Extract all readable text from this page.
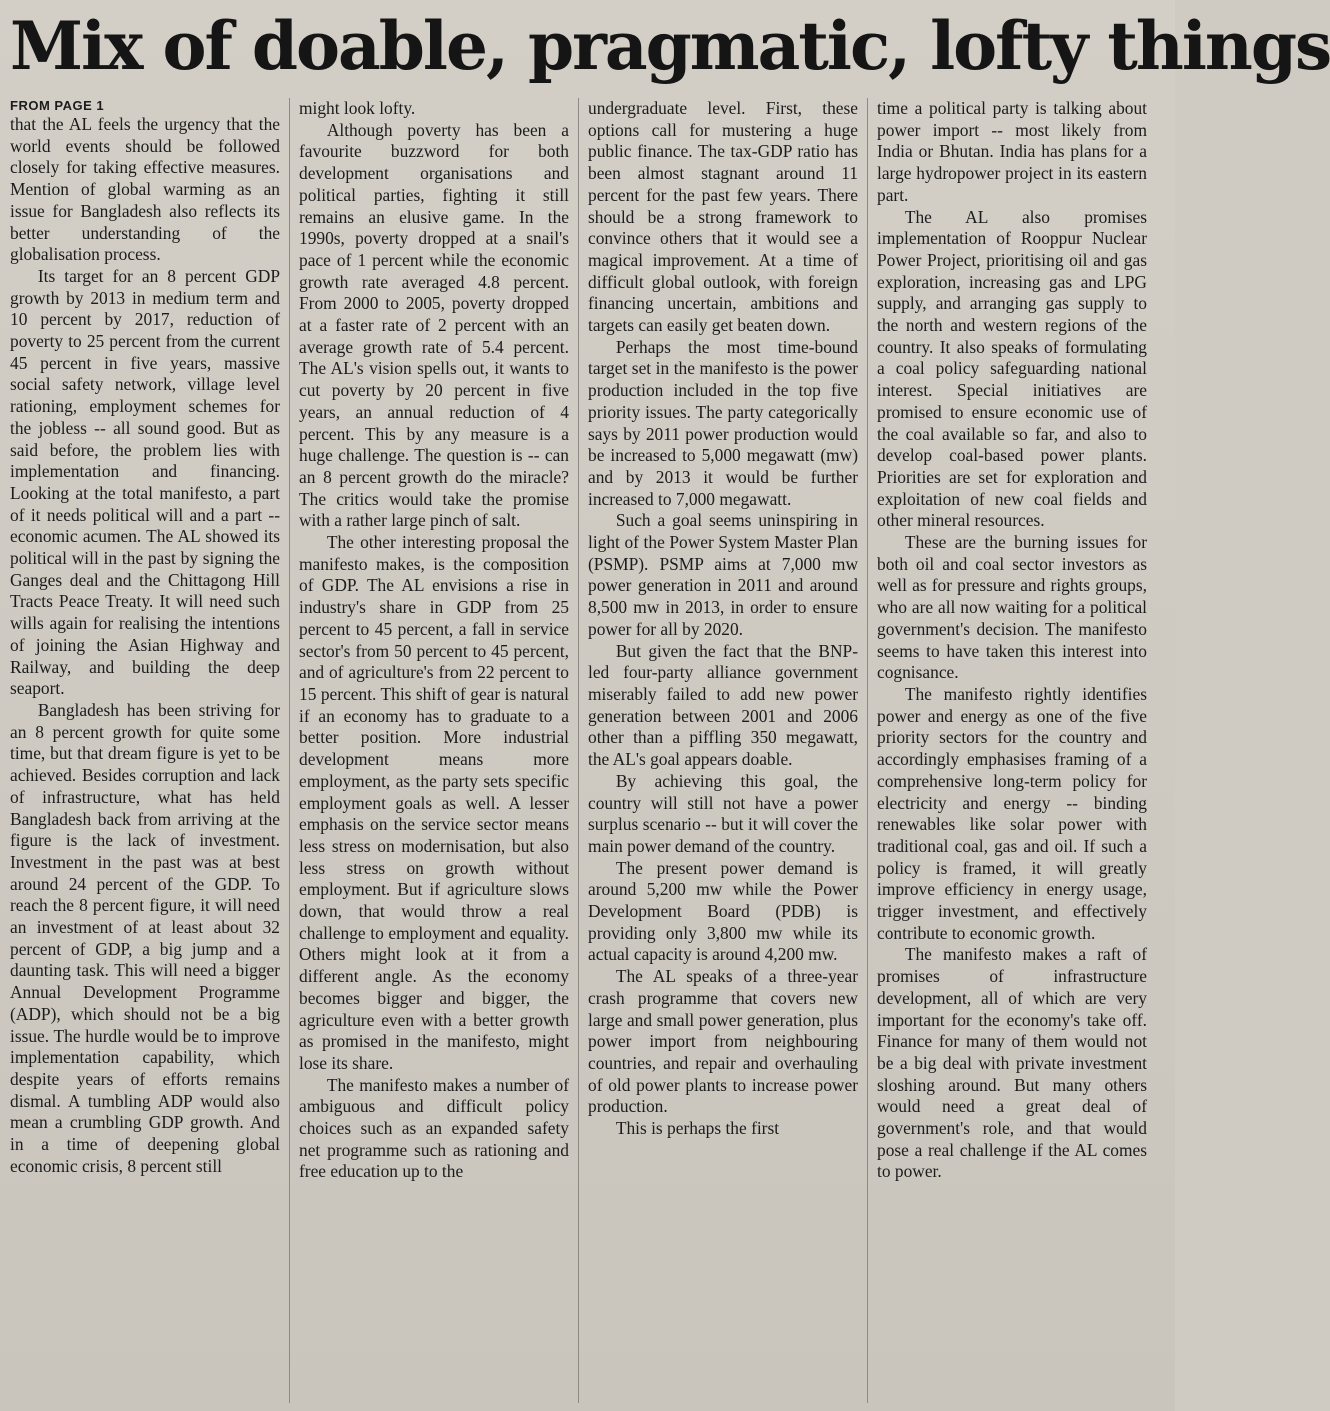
Mix of doable, pragmatic, lofty things
FROM PAGE 1

that the AL feels the urgency that the world events should be followed closely for taking effective measures. Mention of global warming as an issue for Bangladesh also reflects its better understanding of the globalisation process.

Its target for an 8 percent GDP growth by 2013 in medium term and 10 percent by 2017, reduction of poverty to 25 percent from the current 45 percent in five years, massive social safety network, village level rationing, employment schemes for the jobless -- all sound good. But as said before, the problem lies with implementation and financing. Looking at the total manifesto, a part of it needs political will and a part -- economic acumen. The AL showed its political will in the past by signing the Ganges deal and the Chittagong Hill Tracts Peace Treaty. It will need such wills again for realising the intentions of joining the Asian Highway and Railway, and building the deep seaport.

Bangladesh has been striving for an 8 percent growth for quite some time, but that dream figure is yet to be achieved. Besides corruption and lack of infrastructure, what has held Bangladesh back from arriving at the figure is the lack of investment. Investment in the past was at best around 24 percent of the GDP. To reach the 8 percent figure, it will need an investment of at least about 32 percent of GDP, a big jump and a daunting task. This will need a bigger Annual Development Programme (ADP), which should not be a big issue. The hurdle would be to improve implementation capability, which despite years of efforts remains dismal. A tumbling ADP would also mean a crumbling GDP growth. And in a time of deepening global economic crisis, 8 percent still

might look lofty.

Although poverty has been a favourite buzzword for both development organisations and political parties, fighting it still remains an elusive game. In the 1990s, poverty dropped at a snail's pace of 1 percent while the economic growth rate averaged 4.8 percent. From 2000 to 2005, poverty dropped at a faster rate of 2 percent with an average growth rate of 5.4 percent. The AL's vision spells out, it wants to cut poverty by 20 percent in five years, an annual reduction of 4 percent. This by any measure is a huge challenge. The question is -- can an 8 percent growth do the miracle? The critics would take the promise with a rather large pinch of salt.

The other interesting proposal the manifesto makes, is the composition of GDP. The AL envisions a rise in industry's share in GDP from 25 percent to 45 percent, a fall in service sector's from 50 percent to 45 percent, and of agriculture's from 22 percent to 15 percent. This shift of gear is natural if an economy has to graduate to a better position. More industrial development means more employment, as the party sets specific employment goals as well. A lesser emphasis on the service sector means less stress on modernisation, but also less stress on growth without employment. But if agriculture slows down, that would throw a real challenge to employment and equality. Others might look at it from a different angle. As the economy becomes bigger and bigger, the agriculture even with a better growth as promised in the manifesto, might lose its share.

The manifesto makes a number of ambiguous and difficult policy choices such as an expanded safety net programme such as rationing and free education up to the

undergraduate level. First, these options call for mustering a huge public finance. The tax-GDP ratio has been almost stagnant around 11 percent for the past few years. There should be a strong framework to convince others that it would see a magical improvement. At a time of difficult global outlook, with foreign financing uncertain, ambitions and targets can easily get beaten down.

Perhaps the most time-bound target set in the manifesto is the power production included in the top five priority issues. The party categorically says by 2011 power production would be increased to 5,000 megawatt (mw) and by 2013 it would be further increased to 7,000 megawatt.

Such a goal seems uninspiring in light of the Power System Master Plan (PSMP). PSMP aims at 7,000 mw power generation in 2011 and around 8,500 mw in 2013, in order to ensure power for all by 2020.

But given the fact that the BNP-led four-party alliance government miserably failed to add new power generation between 2001 and 2006 other than a piffling 350 megawatt, the AL's goal appears doable.

By achieving this goal, the country will still not have a power surplus scenario -- but it will cover the main power demand of the country.

The present power demand is around 5,200 mw while the Power Development Board (PDB) is providing only 3,800 mw while its actual capacity is around 4,200 mw.

The AL speaks of a three-year crash programme that covers new large and small power generation, plus power import from neighbouring countries, and repair and overhauling of old power plants to increase power production.

This is perhaps the first

time a political party is talking about power import -- most likely from India or Bhutan. India has plans for a large hydropower project in its eastern part.

The AL also promises implementation of Rooppur Nuclear Power Project, prioritising oil and gas exploration, increasing gas and LPG supply, and arranging gas supply to the north and western regions of the country. It also speaks of formulating a coal policy safeguarding national interest. Special initiatives are promised to ensure economic use of the coal available so far, and also to develop coal-based power plants. Priorities are set for exploration and exploitation of new coal fields and other mineral resources.

These are the burning issues for both oil and coal sector investors as well as for pressure and rights groups, who are all now waiting for a political government's decision. The manifesto seems to have taken this interest into cognisance.

The manifesto rightly identifies power and energy as one of the five priority sectors for the country and accordingly emphasises framing of a comprehensive long-term policy for electricity and energy -- binding renewables like solar power with traditional coal, gas and oil. If such a policy is framed, it will greatly improve efficiency in energy usage, trigger investment, and effectively contribute to economic growth.

The manifesto makes a raft of promises of infrastructure development, all of which are very important for the economy's take off. Finance for many of them would not be a big deal with private investment sloshing around. But many others would need a great deal of government's role, and that would pose a real challenge if the AL comes to power.
